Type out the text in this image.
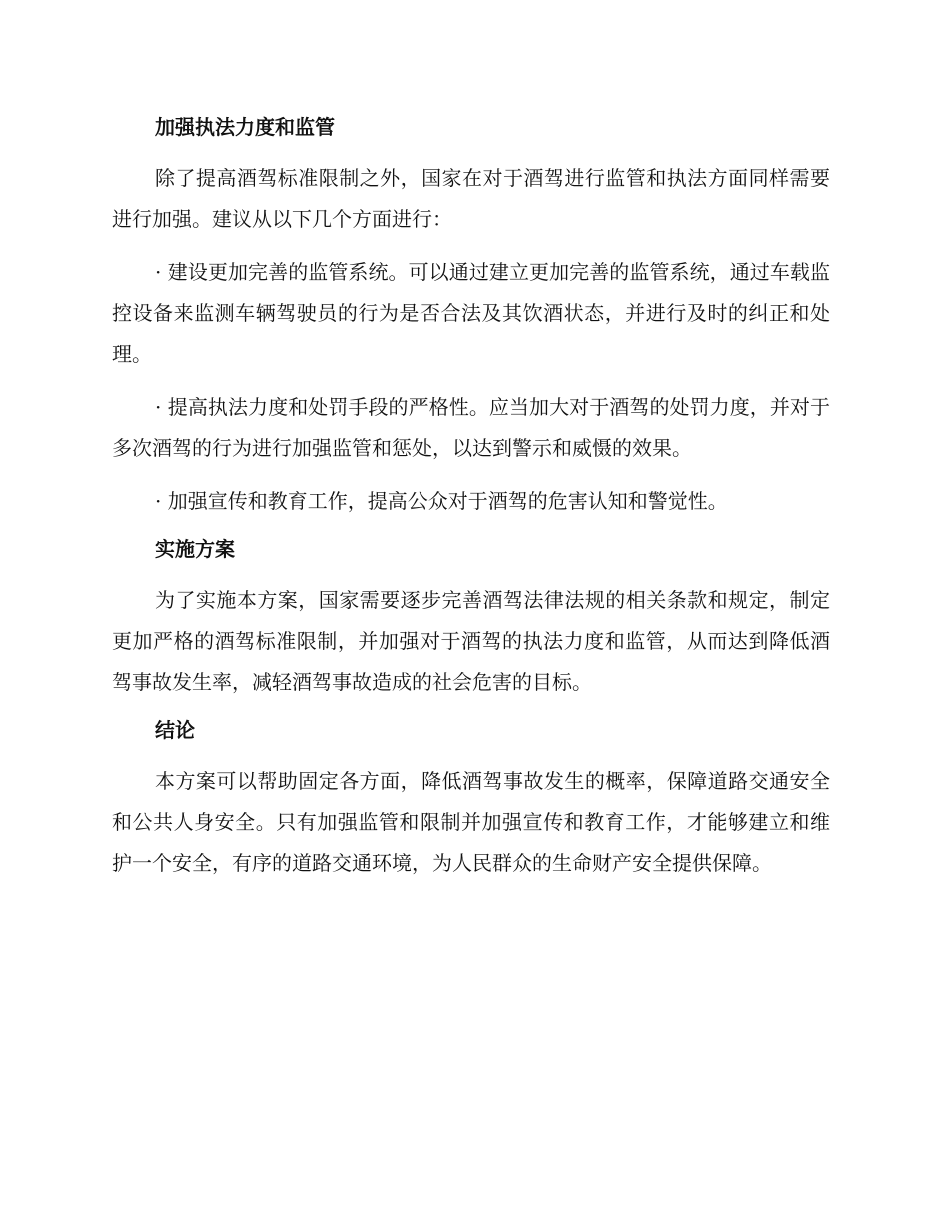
加强执法力度和监管

除了提高酒驾标准限制之外，国家在对于酒驾进行监管和执法方面同样需要进行加强。建议从以下几个方面进行：

· 建设更加完善的监管系统。可以通过建立更加完善的监管系统，通过车载监控设备来监测车辆驾驶员的行为是否合法及其饮酒状态，并进行及时的纠正和处理。

· 提高执法力度和处罚手段的严格性。应当加大对于酒驾的处罚力度，并对于多次酒驾的行为进行加强监管和惩处，以达到警示和威慑的效果。

· 加强宣传和教育工作，提高公众对于酒驾的危害认知和警觉性。

实施方案

为了实施本方案，国家需要逐步完善酒驾法律法规的相关条款和规定，制定更加严格的酒驾标准限制，并加强对于酒驾的执法力度和监管，从而达到降低酒驾事故发生率，减轻酒驾事故造成的社会危害的目标。

结论

本方案可以帮助固定各方面，降低酒驾事故发生的概率，保障道路交通安全和公共人身安全。只有加强监管和限制并加强宣传和教育工作，才能够建立和维护一个安全，有序的道路交通环境，为人民群众的生命财产安全提供保障。
